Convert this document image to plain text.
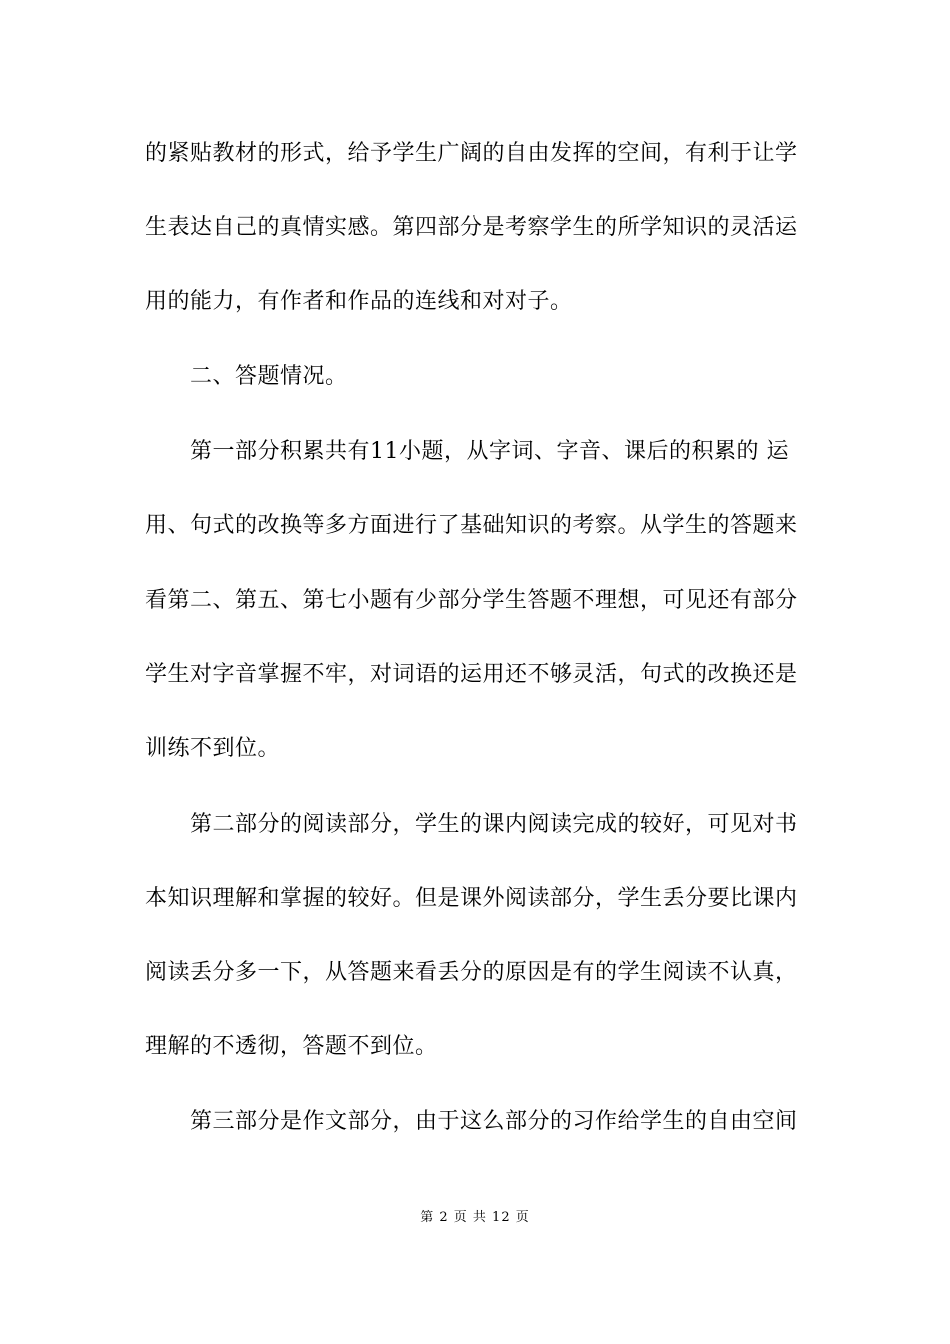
的紧贴教材的形式，给予学生广阔的自由发挥的空间，有利于让学
生表达自己的真情实感。第四部分是考察学生的所学知识的灵活运
用的能力，有作者和作品的连线和对对子。
二、答题情况。
第一部分积累共有11小题，从字词、字音、课后的积累的 运
用、句式的改换等多方面进行了基础知识的考察。从学生的答题来
看第二、第五、第七小题有少部分学生答题不理想，可见还有部分
学生对字音掌握不牢，对词语的运用还不够灵活，句式的改换还是
训练不到位。
第二部分的阅读部分，学生的课内阅读完成的较好，可见对书
本知识理解和掌握的较好。但是课外阅读部分，学生丢分要比课内
阅读丢分多一下，从答题来看丢分的原因是有的学生阅读不认真，
理解的不透彻，答题不到位。
第三部分是作文部分，由于这么部分的习作给学生的自由空间
第 2 页 共 12 页
